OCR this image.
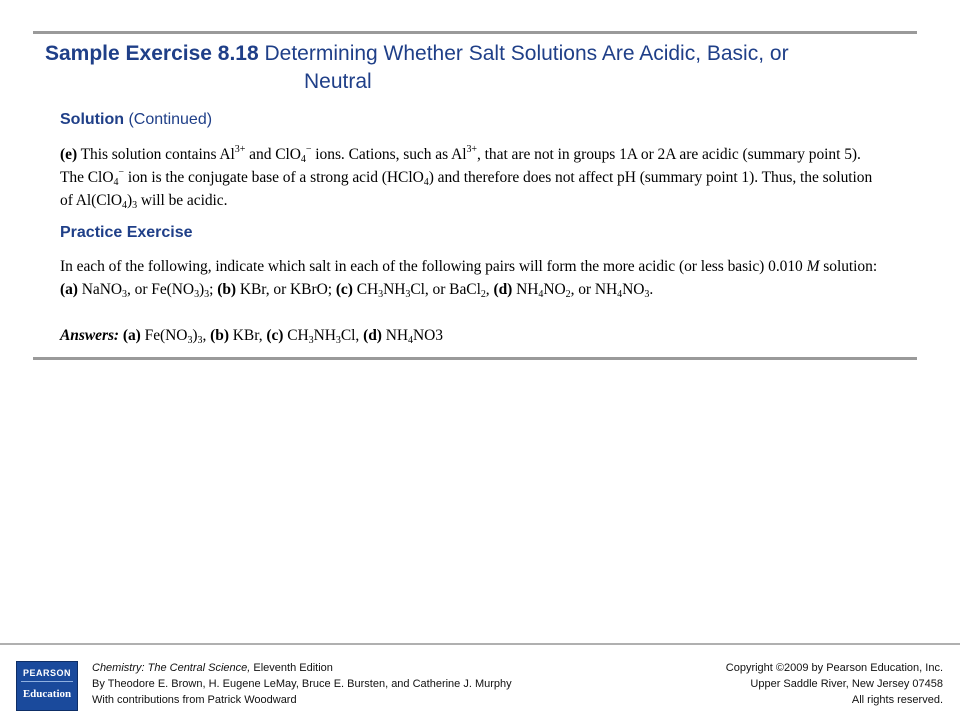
Sample Exercise 8.18 Determining Whether Salt Solutions Are Acidic, Basic, or
Neutral
Solution (Continued)
(e) This solution contains $Al^{3+}$ and ClO$_4$− ions. Cations, such as $Al^{3+}$, that are not in groups 1A or 2A are acidic (summary point 5). The ClO$_4$− ion is the conjugate base of a strong acid (HClO$_4$) and therefore does not affect pH (summary point 1). Thus, the solution of $Al(ClO_4)_3$ will be acidic.
Practice Exercise
In each of the following, indicate which salt in each of the following pairs will form the more acidic (or less basic) 0.010 M solution: (a) NaNO$_3$, or $Fe(NO_3)_3$; (b) KBr, or KBrO; (c) $CH_3NH_3Cl$, or BaCl$_2$, (d) $NH_4NO_2$, or $NH_4NO_3$.
Answers: (a) $Fe(NO_3)_3$, (b) KBr, (c) $CH_3NH_3Cl$, (d) $NH_4NO3$
PEARSON
Education
Chemistry: The Central Science, Eleventh Edition
By Theodore E. Brown, H. Eugene LeMay, Bruce E. Bursten, and Catherine J. Murphy
With contributions from Patrick Woodward
Copyright ©2009 by Pearson Education, Inc.
Upper Saddle River, New Jersey 07458
All rights reserved.
